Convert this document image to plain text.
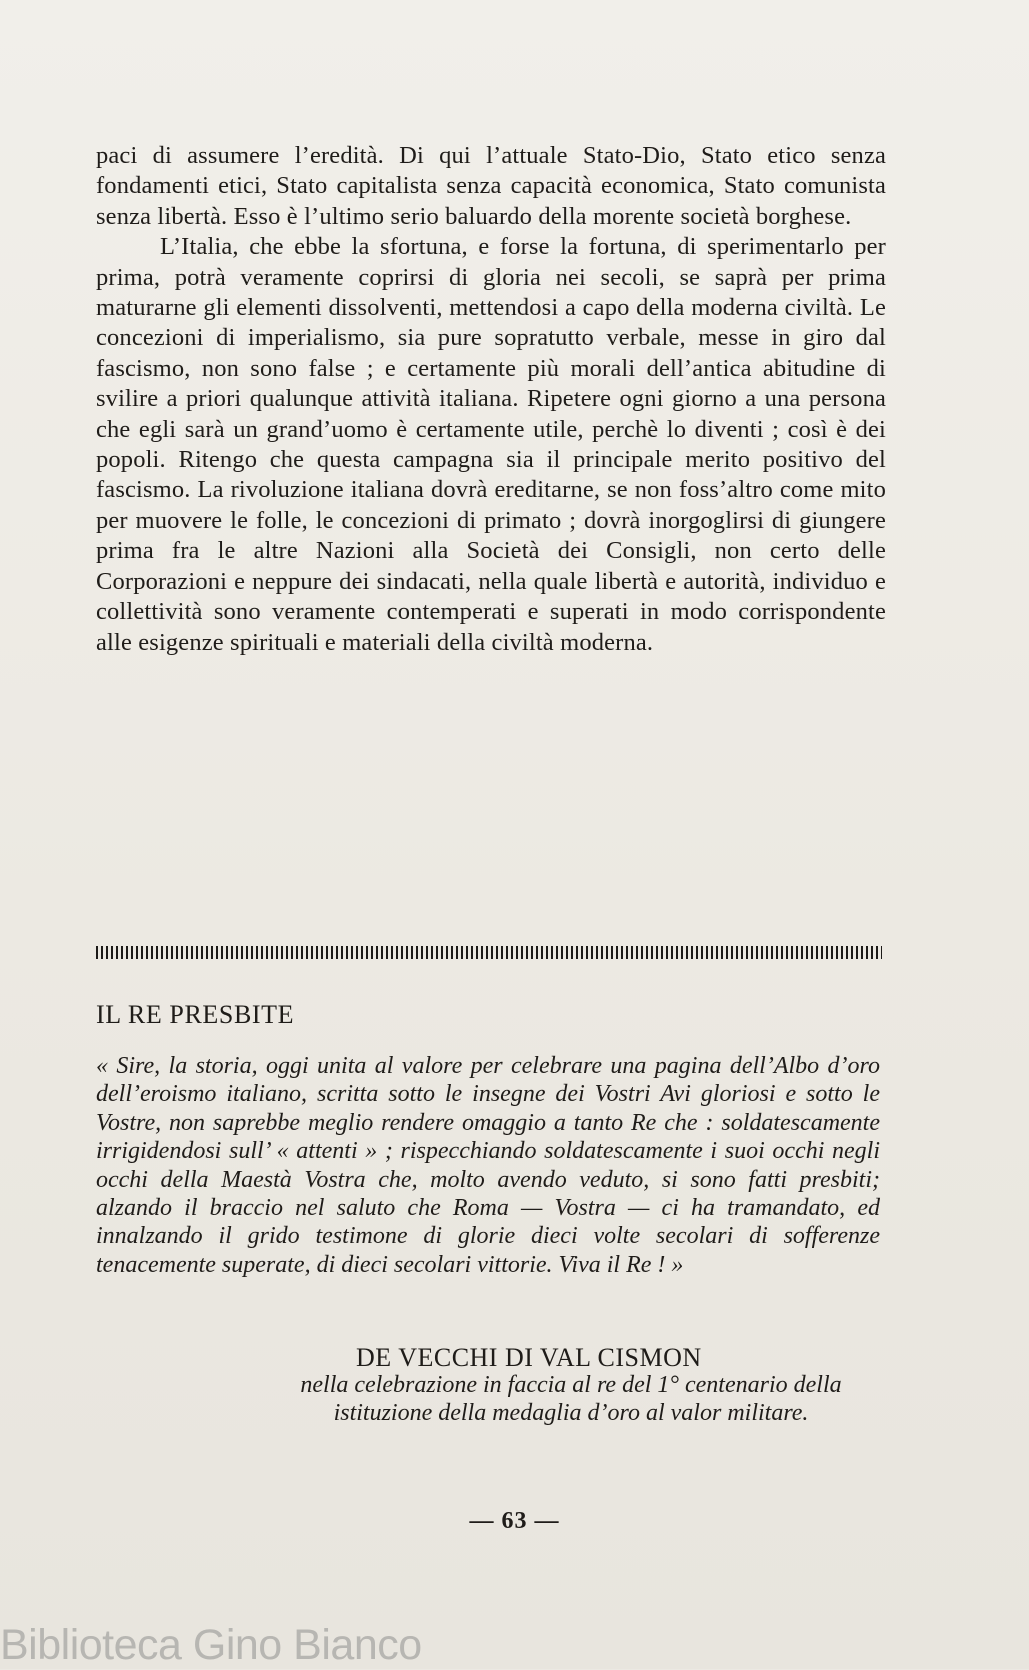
paci di assumere l’eredità. Di qui l’attuale Stato-Dio, Stato etico senza fondamenti etici, Stato capitalista senza capacità economica, Stato comunista senza libertà. Esso è l’ultimo serio baluardo della morente società borghese.

L’Italia, che ebbe la sfortuna, e forse la fortuna, di sperimentarlo per prima, potrà veramente coprirsi di gloria nei secoli, se saprà per prima maturarne gli elementi dissolventi, mettendosi a capo della moderna civiltà. Le concezioni di imperialismo, sia pure sopratutto verbale, messe in giro dal fascismo, non sono false ; e certamente più morali dell’antica abitudine di svilire a priori qualunque attività italiana. Ripetere ogni giorno a una persona che egli sarà un grand’uomo è certamente utile, perchè lo diventi ; così è dei popoli. Ritengo che questa campagna sia il principale merito positivo del fascismo. La rivoluzione italiana dovrà ereditarne, se non foss’altro come mito per muovere le folle, le concezioni di primato ; dovrà inorgoglirsi di giungere prima fra le altre Nazioni alla Società dei Consigli, non certo delle Corporazioni e neppure dei sindacati, nella quale libertà e autorità, individuo e collettività sono veramente contemperati e superati in modo corrispondente alle esigenze spirituali e materiali della civiltà moderna.

IL RE PRESBITE

« Sire, la storia, oggi unita al valore per celebrare una pagina dell’Albo d’oro dell’eroismo italiano, scritta sotto le insegne dei Vostri Avi gloriosi e sotto le Vostre, non saprebbe meglio rendere omaggio a tanto Re che : soldatescamente irrigidendosi sull’ « attenti » ; rispecchiando soldatescamente i suoi occhi negli occhi della Maestà Vostra che, molto avendo veduto, si sono fatti presbiti; alzando il braccio nel saluto che Roma — Vostra — ci ha tramandato, ed innalzando il grido testimone di glorie dieci volte secolari di sofferenze tenacemente superate, di dieci secolari vittorie. Viva il Re ! »

DE VECCHI DI VAL CISMON
nella celebrazione in faccia al re del 1° centenario della istituzione della medaglia d’oro al valor militare.
— 63 —
Biblioteca Gino Bianco
